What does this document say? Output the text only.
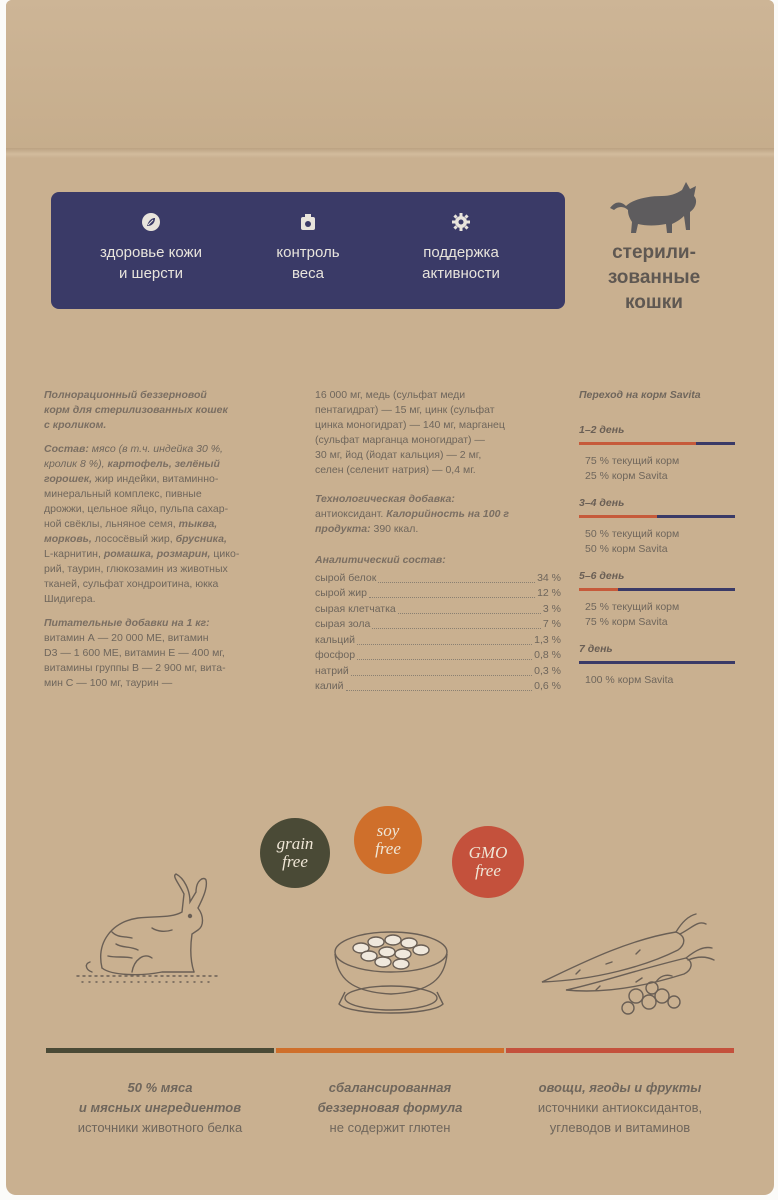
здоровье кожи
и шерсти
контроль
веса
поддержка
активности
стерили-
зованные
кошки

Полнорационный беззерновой
корм для стерилизованных кошек
с кроликом.

Состав: мясо (в т.ч. индейка 30 %,
кролик 8 %), картофель, зелёный
горошек, жир индейки, витаминно-
минеральный комплекс, пивные
дрожжи, цельное яйцо, пульпа сахар-
ной свёклы, льняное семя, тыква,
морковь, лососёвый жир, брусника,
L-карнитин, ромашка, розмарин, цико-
рий, таурин, глюкозамин из животных
тканей, сульфат хондроитина, юкка
Шидигера.

Питательные добавки на 1 кг:
витамин А — 20 000 МЕ, витамин
D3 — 1 600 МЕ, витамин Е — 400 мг,
витамины группы В — 2 900 мг, вита-
мин С — 100 мг, таурин —

16 000 мг, медь (сульфат меди
пентагидрат) — 15 мг, цинк (сульфат
цинка моногидрат) — 140 мг, марганец
(сульфат марганца моногидрат) —
30 мг, йод (йодат кальция) — 2 мг,
селен (селенит натрия) — 0,4 мг.

Технологическая добавка:
антиоксидант. Калорийность на 100 г
продукта: 390 ккал.

Аналитический состав:
сырой белок	34 %
сырой жир	12 %
сырая клетчатка	3 %
сырая зола	7 %
кальций	1,3 %
фосфор	0,8 %
натрий	0,3 %
калий	0,6 %
Переход на корм Savita
1–2 день
75 % текущий корм
25 % корм Savita
3–4 день
50 % текущий корм
50 % корм Savita
5–6 день
25 % текущий корм
75 % корм Savita
7 день
100 % корм Savita
grain
free
soy
free	GMO
free
50 % мяса
и мясных ингредиентов
источники животного белка
сбалансированная
беззерновая формула
не содержит глютен
овощи, ягоды и фрукты
источники антиоксидантов,
углеводов и витаминов
